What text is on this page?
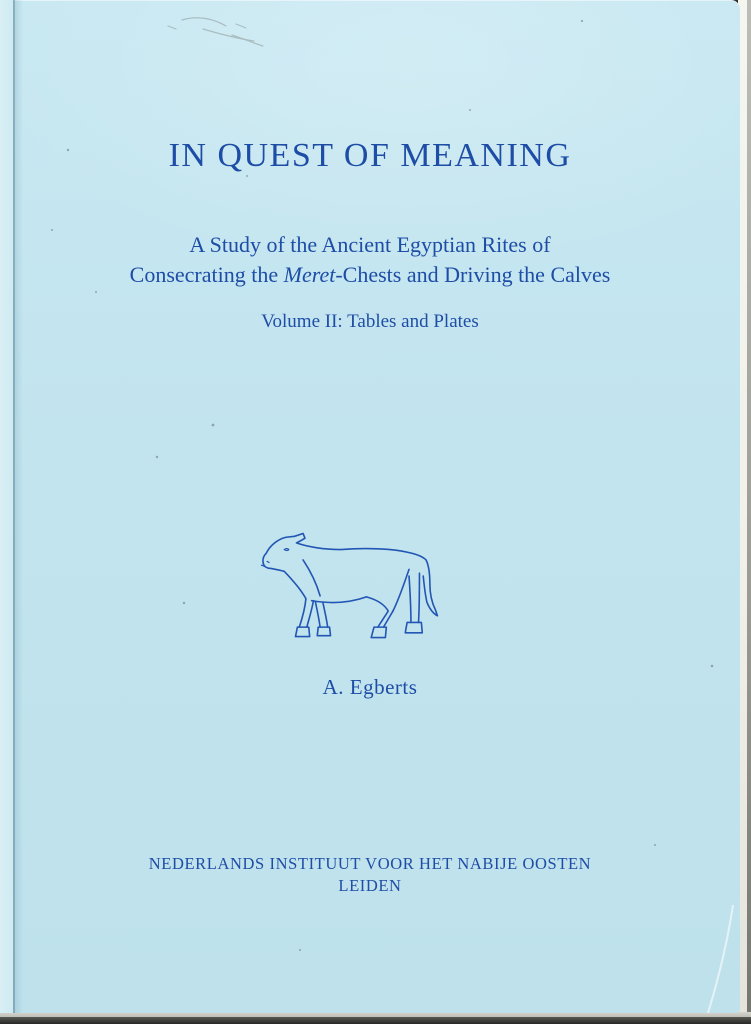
IN QUEST OF MEANING
A Study of the Ancient Egyptian Rites of
Consecrating the Meret-Chests and Driving the Calves
Volume II: Tables and Plates
A. Egberts
NEDERLANDS INSTITUUT VOOR HET NABIJE OOSTEN
LEIDEN
